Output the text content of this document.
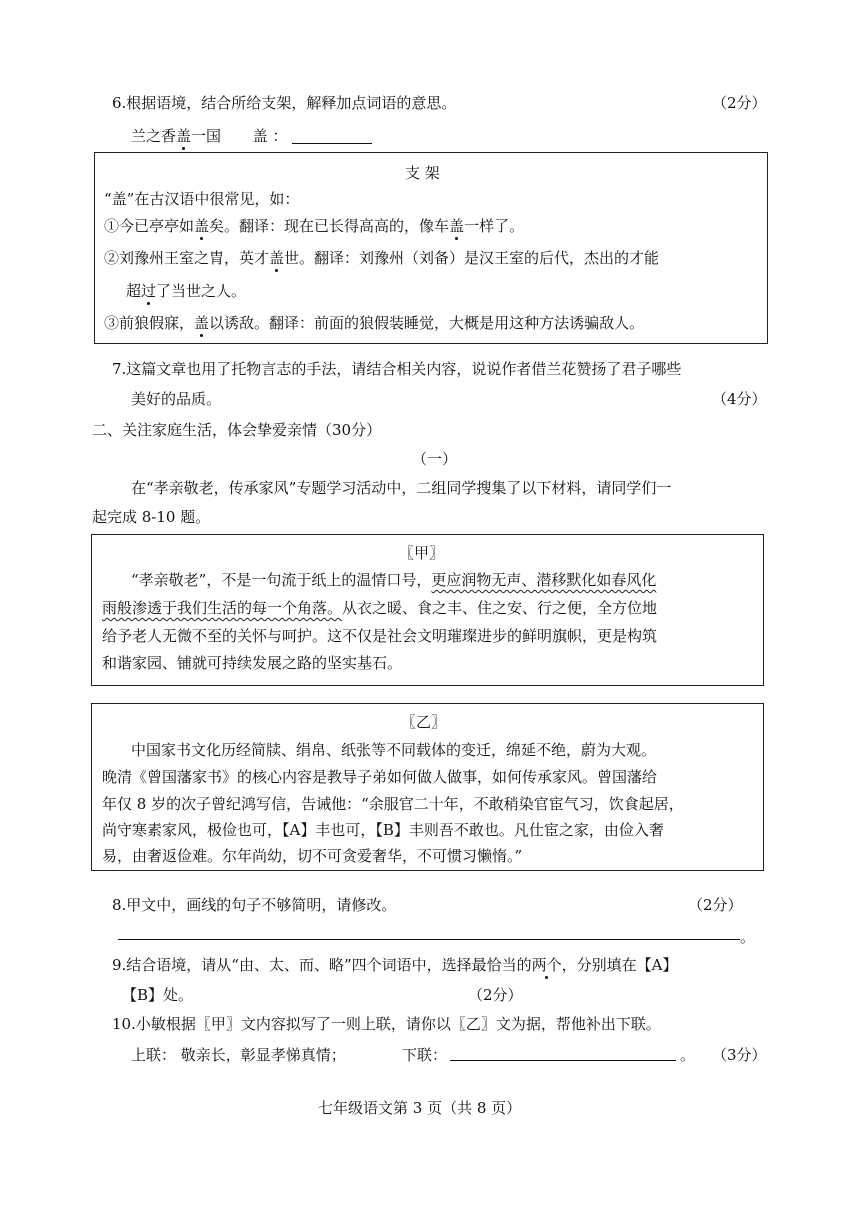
6.根据语境，结合所给支架，解释加点词语的意思。	（2分）
兰之香盖一国 盖 ：
支 架
“盖”在古汉语中很常见，如：
①今已亭亭如盖矣。翻译：现在已长得高高的，像车盖一样了。
②刘豫州王室之胄，英才盖世。翻译：刘豫州（刘备）是汉王室的后代，杰出的才能
超过了当世之人。
③前狼假寐，盖以诱敌。翻译：前面的狼假装睡觉，大概是用这种方法诱骗敌人。
7.这篇文章也用了托物言志的手法，请结合相关内容，说说作者借兰花赞扬了君子哪些
美好的品质。	（4分）
二、关注家庭生活，体会挚爱亲情（30分）
（一）
在“孝亲敬老，传承家风”专题学习活动中，二组同学搜集了以下材料，请同学们一
起完成 8-10 题。
〖甲〗
“孝亲敬老”，不是一句流于纸上的温情口号，更应润物无声、潜移默化如春风化
雨般渗透于我们生活的每一个角落。从衣之暖、食之丰、住之安、行之便，全方位地
给予老人无微不至的关怀与呵护。这不仅是社会文明璀璨进步的鲜明旗帜，更是构筑
和谐家园、铺就可持续发展之路的坚实基石。
〖乙〗
中国家书文化历经简牍、绢帛、纸张等不同载体的变迁，绵延不绝，蔚为大观。
晚清《曾国藩家书》的核心内容是教导子弟如何做人做事，如何传承家风。曾国藩给
年仅 8 岁的次子曾纪鸿写信，告诫他：“余服官二十年，不敢稍染官宦气习，饮食起居，
尚守寒素家风，极俭也可，【A】丰也可，【B】丰则吾不敢也。凡仕宦之家，由俭入奢
易，由奢返俭难。尔年尚幼，切不可贪爱奢华，不可惯习懒惰。”
8.甲文中，画线的句子不够简明，请修改。	（2分）
。
9.结合语境，请从“由、太、而、略”四个词语中，选择最恰当的两个，分别填在【A】
【B】处。	（2分）
10.小敏根据〖甲〗文内容拟写了一则上联，请你以〖乙〗文为据，帮他补出下联。
上联： 敬亲长，彰显孝悌真情；	下联：	。 （3分）
七年级语文第 3 页（共 8 页）
